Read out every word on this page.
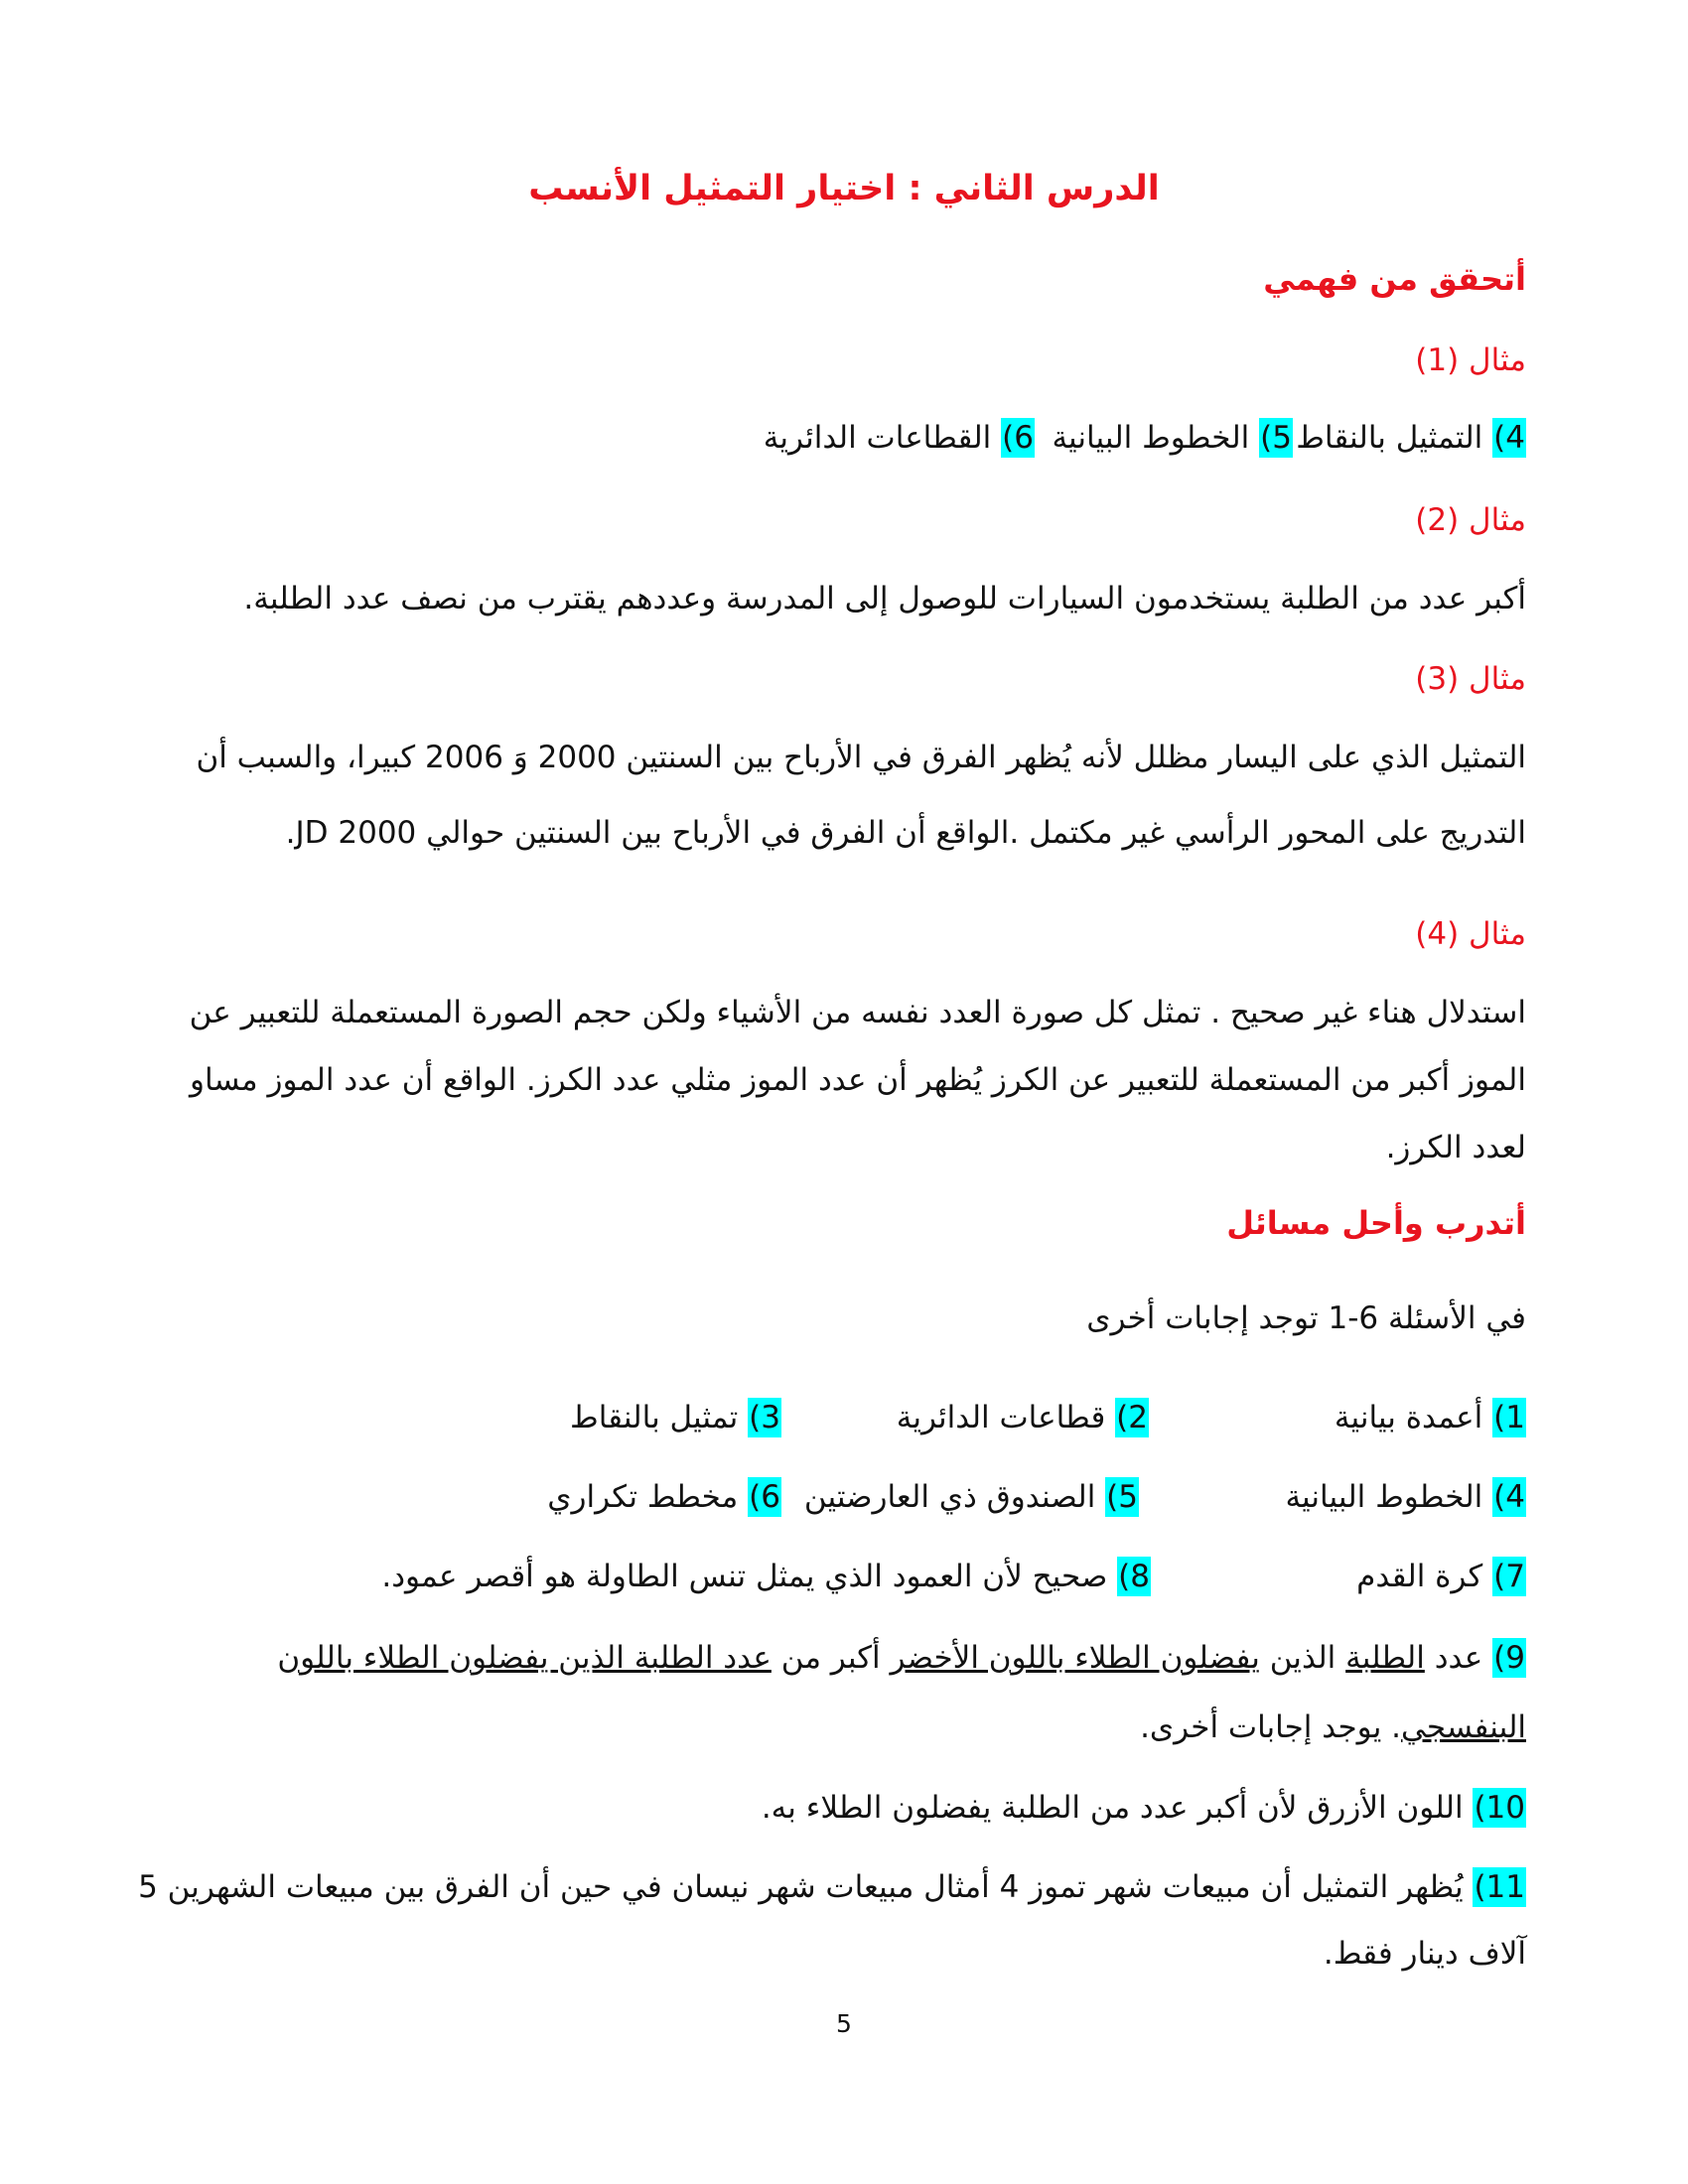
الدرس الثاني : اختيار التمثيل الأنسب
أتحقق من فهمي
مثال (1)
4) التمثيل بالنقاط5) الخطوط البيانية6) القطاعات الدائرية
مثال (2)
أكبر عدد من الطلبة يستخدمون السيارات للوصول إلى المدرسة وعددهم يقترب من نصف عدد الطلبة.
مثال (3)
التمثيل الذي على اليسار مظلل لأنه يُظهر الفرق في الأرباح بين السنتين 2000 وَ 2006 كبيرا، والسبب أن
التدريج على المحور الرأسي غير مكتمل .الواقع أن الفرق في الأرباح بين السنتين حوالي JD 2000.
مثال (4)
استدلال هناء غير صحيح . تمثل كل صورة العدد نفسه من الأشياء ولكن حجم الصورة المستعملة للتعبير عن
الموز أكبر من المستعملة للتعبير عن الكرز يُظهر أن عدد الموز مثلي عدد الكرز. الواقع أن عدد الموز مساو
لعدد الكرز.
أتدرب وأحل مسائل
في الأسئلة 6-1 توجد إجابات أخرى
1) أعمدة بيانية2) قطاعات الدائرية3) تمثيل بالنقاط
4) الخطوط البيانية5) الصندوق ذي العارضتين6) مخطط تكراري
7) كرة القدم8) صحيح لأن العمود الذي يمثل تنس الطاولة هو أقصر عمود.
9) عدد الطلبة الذين يفضلون الطلاء باللون الأخضر أكبر من عدد الطلبة الذين يفضلون الطلاء باللون
البنفسجي. يوجد إجابات أخرى.
10) اللون الأزرق لأن أكبر عدد من الطلبة يفضلون الطلاء به.
11) يُظهر التمثيل أن مبيعات شهر تموز 4 أمثال مبيعات شهر نيسان في حين أن الفرق بين مبيعات الشهرين 5
آلاف دينار فقط.
5
